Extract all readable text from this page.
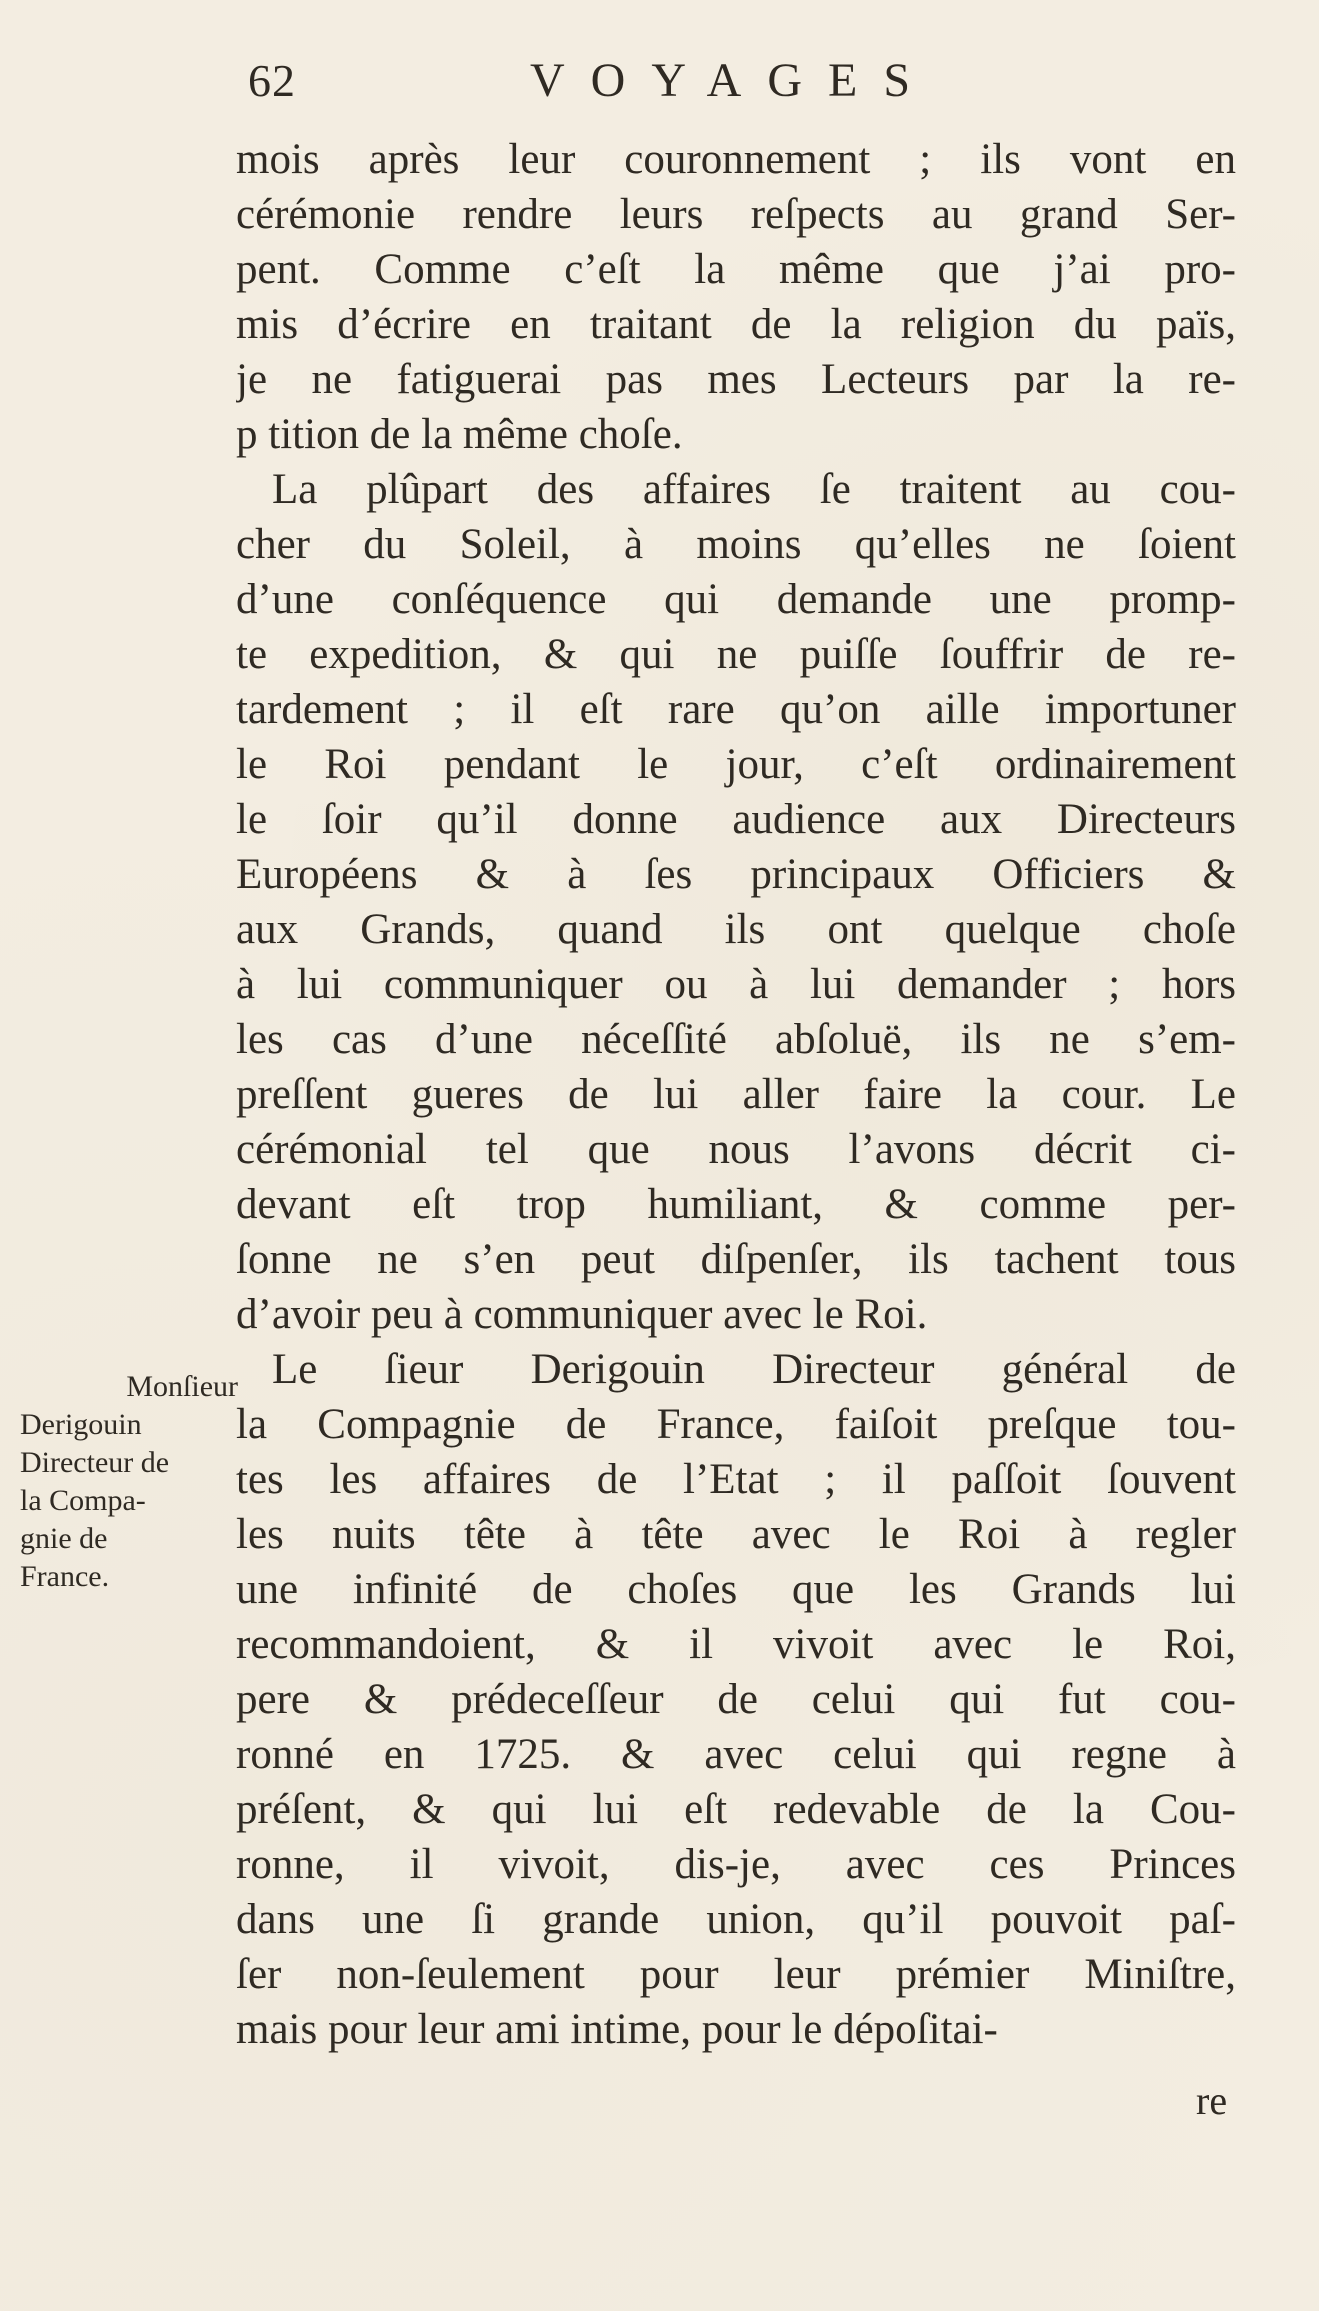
62	VOYAGES
Monſieur
Derigouin
Directeur de
la Compa-
gnie de
France.
mois après leur couronnement ; ils vont en
cérémonie rendre leurs reſpects au grand Ser-
pent. Comme c’eſt la même que j’ai pro-
mis d’écrire en traitant de la religion du païs,
je ne fatiguerai pas mes Lecteurs par la re-
p tition de la même choſe.
La plûpart des affaires ſe traitent au cou-
cher du Soleil, à moins qu’elles ne ſoient
d’une conſéquence qui demande une promp-
te expedition, & qui ne puiſſe ſouffrir de re-
tardement ; il eſt rare qu’on aille importuner
le Roi pendant le jour, c’eſt ordinairement
le ſoir qu’il donne audience aux Directeurs
Européens & à ſes principaux Officiers &
aux Grands, quand ils ont quelque choſe
à lui communiquer ou à lui demander ; hors
les cas d’une néceſſité abſoluë, ils ne s’em-
preſſent gueres de lui aller faire la cour. Le
cérémonial tel que nous l’avons décrit ci-
devant eſt trop humiliant, & comme per-
ſonne ne s’en peut diſpenſer, ils tachent tous
d’avoir peu à communiquer avec le Roi.
Le ſieur Derigouin Directeur général de
la Compagnie de France, faiſoit preſque tou-
tes les affaires de l’Etat ; il paſſoit ſouvent
les nuits tête à tête avec le Roi à regler
une infinité de choſes que les Grands lui
recommandoient, & il vivoit avec le Roi,
pere & prédeceſſeur de celui qui fut cou-
ronné en 1725. & avec celui qui regne à
préſent, & qui lui eſt redevable de la Cou-
ronne, il vivoit, dis-je, avec ces Princes
dans une ſi grande union, qu’il pouvoit paſ-
ſer non-ſeulement pour leur prémier Miniſtre,
mais pour leur ami intime, pour le dépoſitai-
re
